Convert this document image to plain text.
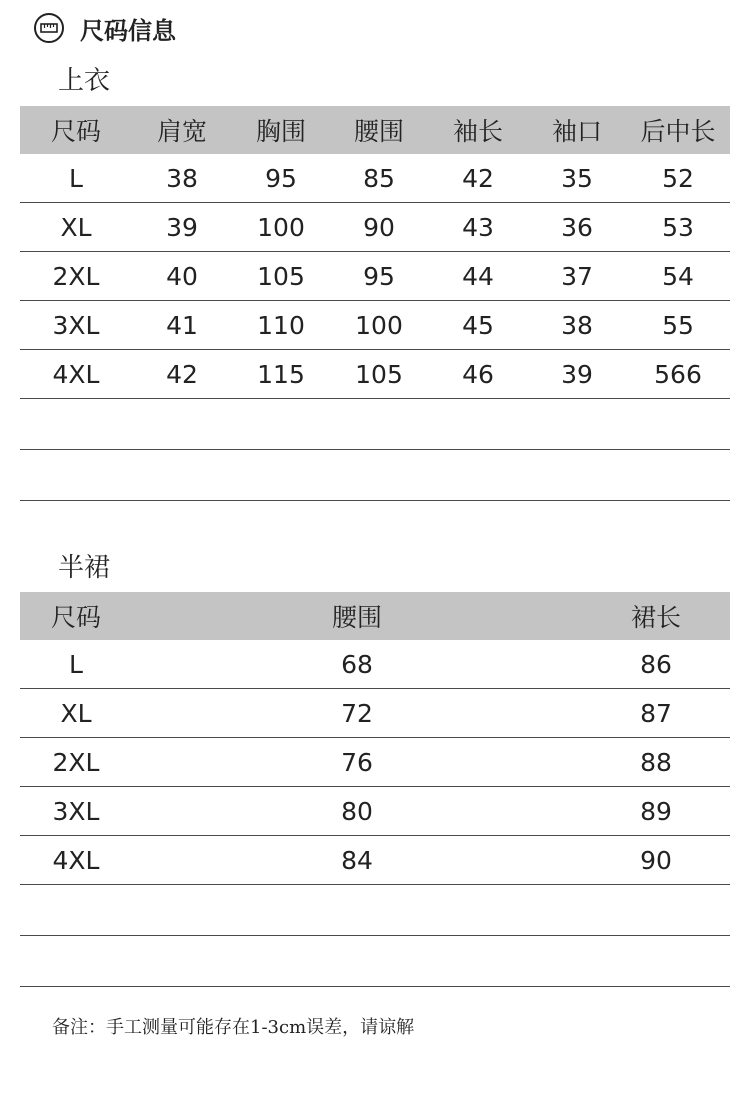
尺码信息
上衣
尺码	肩宽	胸围	腰围	袖长	袖口	后中长
L	38	95	85	42	35	52
XL	39	100	90	43	36	53
2XL	40	105	95	44	37	54
3XL	41	110	100	45	38	55
4XL	42	115	105	46	39	566

半裙
尺码	腰围	裙长
L	68	86
XL	72	87
2XL	76	88
3XL	80	89
4XL	84	90

备注：手工测量可能存在1-3cm误差，请谅解
